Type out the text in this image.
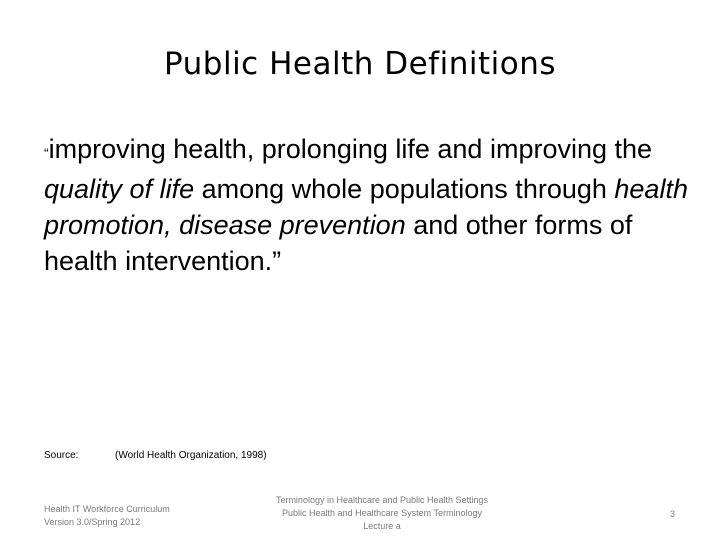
Public Health Definitions
“improving health, prolonging life and improving the quality of life among whole populations through health promotion, disease prevention and other forms of health intervention.”
Source:	(World Health Organization, 1998)
Health IT Workforce Curriculum
Version 3.0/Spring 2012
Terminology in Healthcare and Public Health Settings
Public Health and Healthcare System Terminology
Lecture a
3
